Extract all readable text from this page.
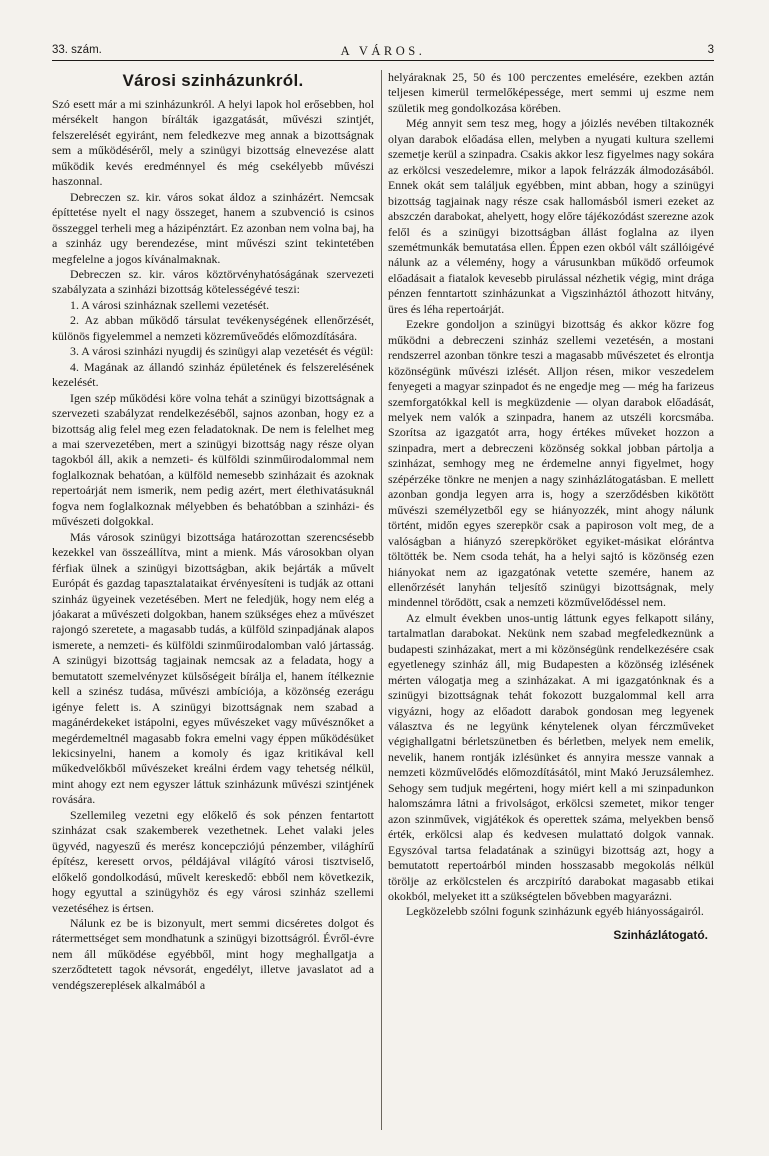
33. szám.	A VÁROS.	3
Városi szinházunkról.

Szó esett már a mi szinházunkról. A helyi lapok hol erősebben, hol mérsékelt hangon bírálták igazgatását, művészi szintjét, felszerelését egyiránt, nem feledkezve meg annak a bizottságnak sem a működéséről, mely a szinügyi bizottság elnevezése alatt működik kevés eredménnyel és még csekélyebb művészi haszonnal.

Debreczen sz. kir. város sokat áldoz a szinházért. Nemcsak építtetése nyelt el nagy összeget, hanem a szubvenció is csinos összeggel terheli meg a házipénztárt. Ez azonban nem volna baj, ha a szinház ugy berendezése, mint művészi szint tekintetében megfelelne a jogos kívánalmaknak.

Debreczen sz. kir. város köztörvényhatóságának szervezeti szabályzata a szinházi bizottság kötelességévé teszi:

1. A városi szinháznak szellemi vezetését.

2. Az abban működő társulat tevékenységének ellenőrzését, különös figyelemmel a nemzeti közreműveődés előmozdítására.

3. A városi szinházi nyugdij és szinügyi alap vezetését és végül:

4. Magának az állandó szinház épületének és felszerelésének kezelését.

Igen szép működési köre volna tehát a szinügyi bizottságnak a szervezeti szabályzat rendelkezéséből, sajnos azonban, hogy ez a bizottság alig felel meg ezen feladatoknak. De nem is felelhet meg a mai szervezetében, mert a szinügyi bizottság nagy része olyan tagokból áll, akik a nemzeti- és külföldi szinműirodalommal nem foglalkoznak behatóan, a külföld nemesebb szinházait és azoknak repertoárját nem ismerik, nem pedig azért, mert élethivatásuknál fogva nem foglalkoznak mélyebben és behatóbban a szinházi- és művészeti dolgokkal.

Más városok szinügyi bizottsága határozottan szerencsésebb kezekkel van összeállítva, mint a mienk. Más városokban olyan férfiak ülnek a szinügyi bizottságban, akik bejárták a művelt Európát és gazdag tapasztalataikat érvényesíteni is tudják az ottani szinház ügyeinek vezetésében. Mert ne feledjük, hogy nem elég a jóakarat a művészeti dolgokban, hanem szükséges ehez a művészet rajongó szeretete, a magasabb tudás, a külföld szinpadjának alapos ismerete, a nemzeti- és külföldi szinműirodalomban való jártasság. A szinügyi bizottság tagjainak nemcsak az a feladata, hogy a bemutatott szemelvényzet külsőségeit bírálja el, hanem ítélkeznie kell a szinész tudása, művészi ambíciója, a közönség ezerágu igénye felett is. A szinügyi bizottságnak nem szabad a magánérdekeket istápolni, egyes művészeket vagy művésznőket a megérdemeltnél magasabb fokra emelni vagy éppen működésüket lekicsinyelni, hanem a komoly és igaz kritikával kell műkedvelőkből művészeket kreálni érdem vagy tehetség nélkül, mint ahogy ezt nem egyszer láttuk szinházunk művészi szintjének rovására.

Szellemileg vezetni egy előkelő és sok pénzen fentartott szinházat csak szakemberek vezethetnek. Lehet valaki jeles ügyvéd, nagyeszű és merész koncepcziójú pénzember, világhírű építész, keresett orvos, példájával világító városi tisztviselő, előkelő gondolkodású, művelt kereskedő: ebből nem következik, hogy egyuttal a szinügyhöz és egy városi szinház szellemi vezetéséhez is értsen.

Nálunk ez be is bizonyult, mert semmi dicséretes dolgot és rátermettséget sem mondhatunk a szinügyi bizottságról. Évről-évre nem áll működése egyébből, mint hogy meghallgatja a szerződtetett tagok névsorát, engedélyt, illetve javaslatot ad a vendégszereplések alkalmából a

helyáraknak 25, 50 és 100 perczentes emelésére, ezekben aztán teljesen kimerül termelőképessége, mert semmi uj eszme nem születik meg gondolkozása körében.

Még annyit sem tesz meg, hogy a jóizlés nevében tiltakoznék olyan darabok előadása ellen, melyben a nyugati kultura szellemi szemetje kerül a szinpadra. Csakis akkor lesz figyelmes nagy sokára az erkölcsi veszedelemre, mikor a lapok felrázzák álmodozásából. Ennek okát sem találjuk egyébben, mint abban, hogy a szinügyi bizottság tagjainak nagy része csak hallomásból ismeri ezeket az abszczén darabokat, ahelyett, hogy előre tájékozódást szerezne azok felől és a szinügyi bizottságban állást foglalna az ilyen szemétmunkák bemutatása ellen. Éppen ezen okból vált szállóigévé nálunk az a vélemény, hogy a várusunkban működő orfeumok előadásait a fiatalok kevesebb pirulással nézhetik végig, mint drága pénzen fenntartott szinházunkat a Vigszinháztól áthozott hitvány, üres és léha repertoárját.

Ezekre gondoljon a szinügyi bizottság és akkor közre fog működni a debreczeni szinház szellemi vezetésén, a mostani rendszerrel azonban tönkre teszi a magasabb művészetet és elrontja közönségünk művészi izlését. Alljon résen, mikor veszedelem fenyegeti a magyar szinpadot és ne engedje meg — még ha farizeus szemforgatókkal kell is megküzdenie — olyan darabok előadását, melyek nem valók a szinpadra, hanem az utszéli korcsmába. Szorítsa az igazgatót arra, hogy értékes műveket hozzon a szinpadra, mert a debreczeni közönség sokkal jobban pártolja a szinházat, semhogy meg ne érdemelne annyi figyelmet, hogy szépérzéke tönkre ne menjen a nagy szinházlátogatásban. E mellett azonban gondja legyen arra is, hogy a szerződésben kikötött művészi személyzetből egy se hiányozzék, mint ahogy nálunk történt, midőn egyes szerepkör csak a papiroson volt meg, de a valóságban a hiányzó szerepköröket egyiket-másikat elórántva töltötték be. Nem csoda tehát, ha a helyi sajtó is közönség ezen hiányokat nem az igazgatónak vetette szemére, hanem az ellenőrzését lanyhán teljesítő szinügyi bizottságnak, mely mindennel törődött, csak a nemzeti közművelődéssel nem.

Az elmult években unos-untig láttunk egyes felkapott silány, tartalmatlan darabokat. Nekünk nem szabad megfeledkeznünk a budapesti szinházakat, mert a mi közönségünk rendelkezésére csak egyetlenegy szinház áll, mig Budapesten a közönség izlésének mérten válogatja meg a szinházakat. A mi igazgatónknak és a szinügyi bizottságnak tehát fokozott buzgalommal kell arra vigyázni, hogy az előadott darabok gondosan meg legyenek választva és ne legyünk kénytelenek olyan férczműveket végighallgatni bérletszünetben és bérletben, melyek nem emelik, nevelik, hanem rontják izlésünket és annyira messze vannak a nemzeti közművelődés előmozdításától, mint Makó Jeruzsálemhez. Sehogy sem tudjuk megérteni, hogy miért kell a mi szinpadunkon halomszámra látni a frivolságot, erkölcsi szemetet, mikor tenger azon szinművek, vigjátékok és operettek száma, melyekben benső érték, erkölcsi alap és kedvesen mulattató dolgok vannak. Egyszóval tartsa feladatának a szinügyi bizottság azt, hogy a bemutatott repertoárból minden hosszasabb megokolás nélkül törölje az erkölcstelen és arczpirító darabokat magasabb etikai okokból, melyeket itt a szükségtelen bővebben magyarázni.

Legközelebb szólni fogunk szinházunk egyéb hiányosságairól.

Szinházlátogató.
